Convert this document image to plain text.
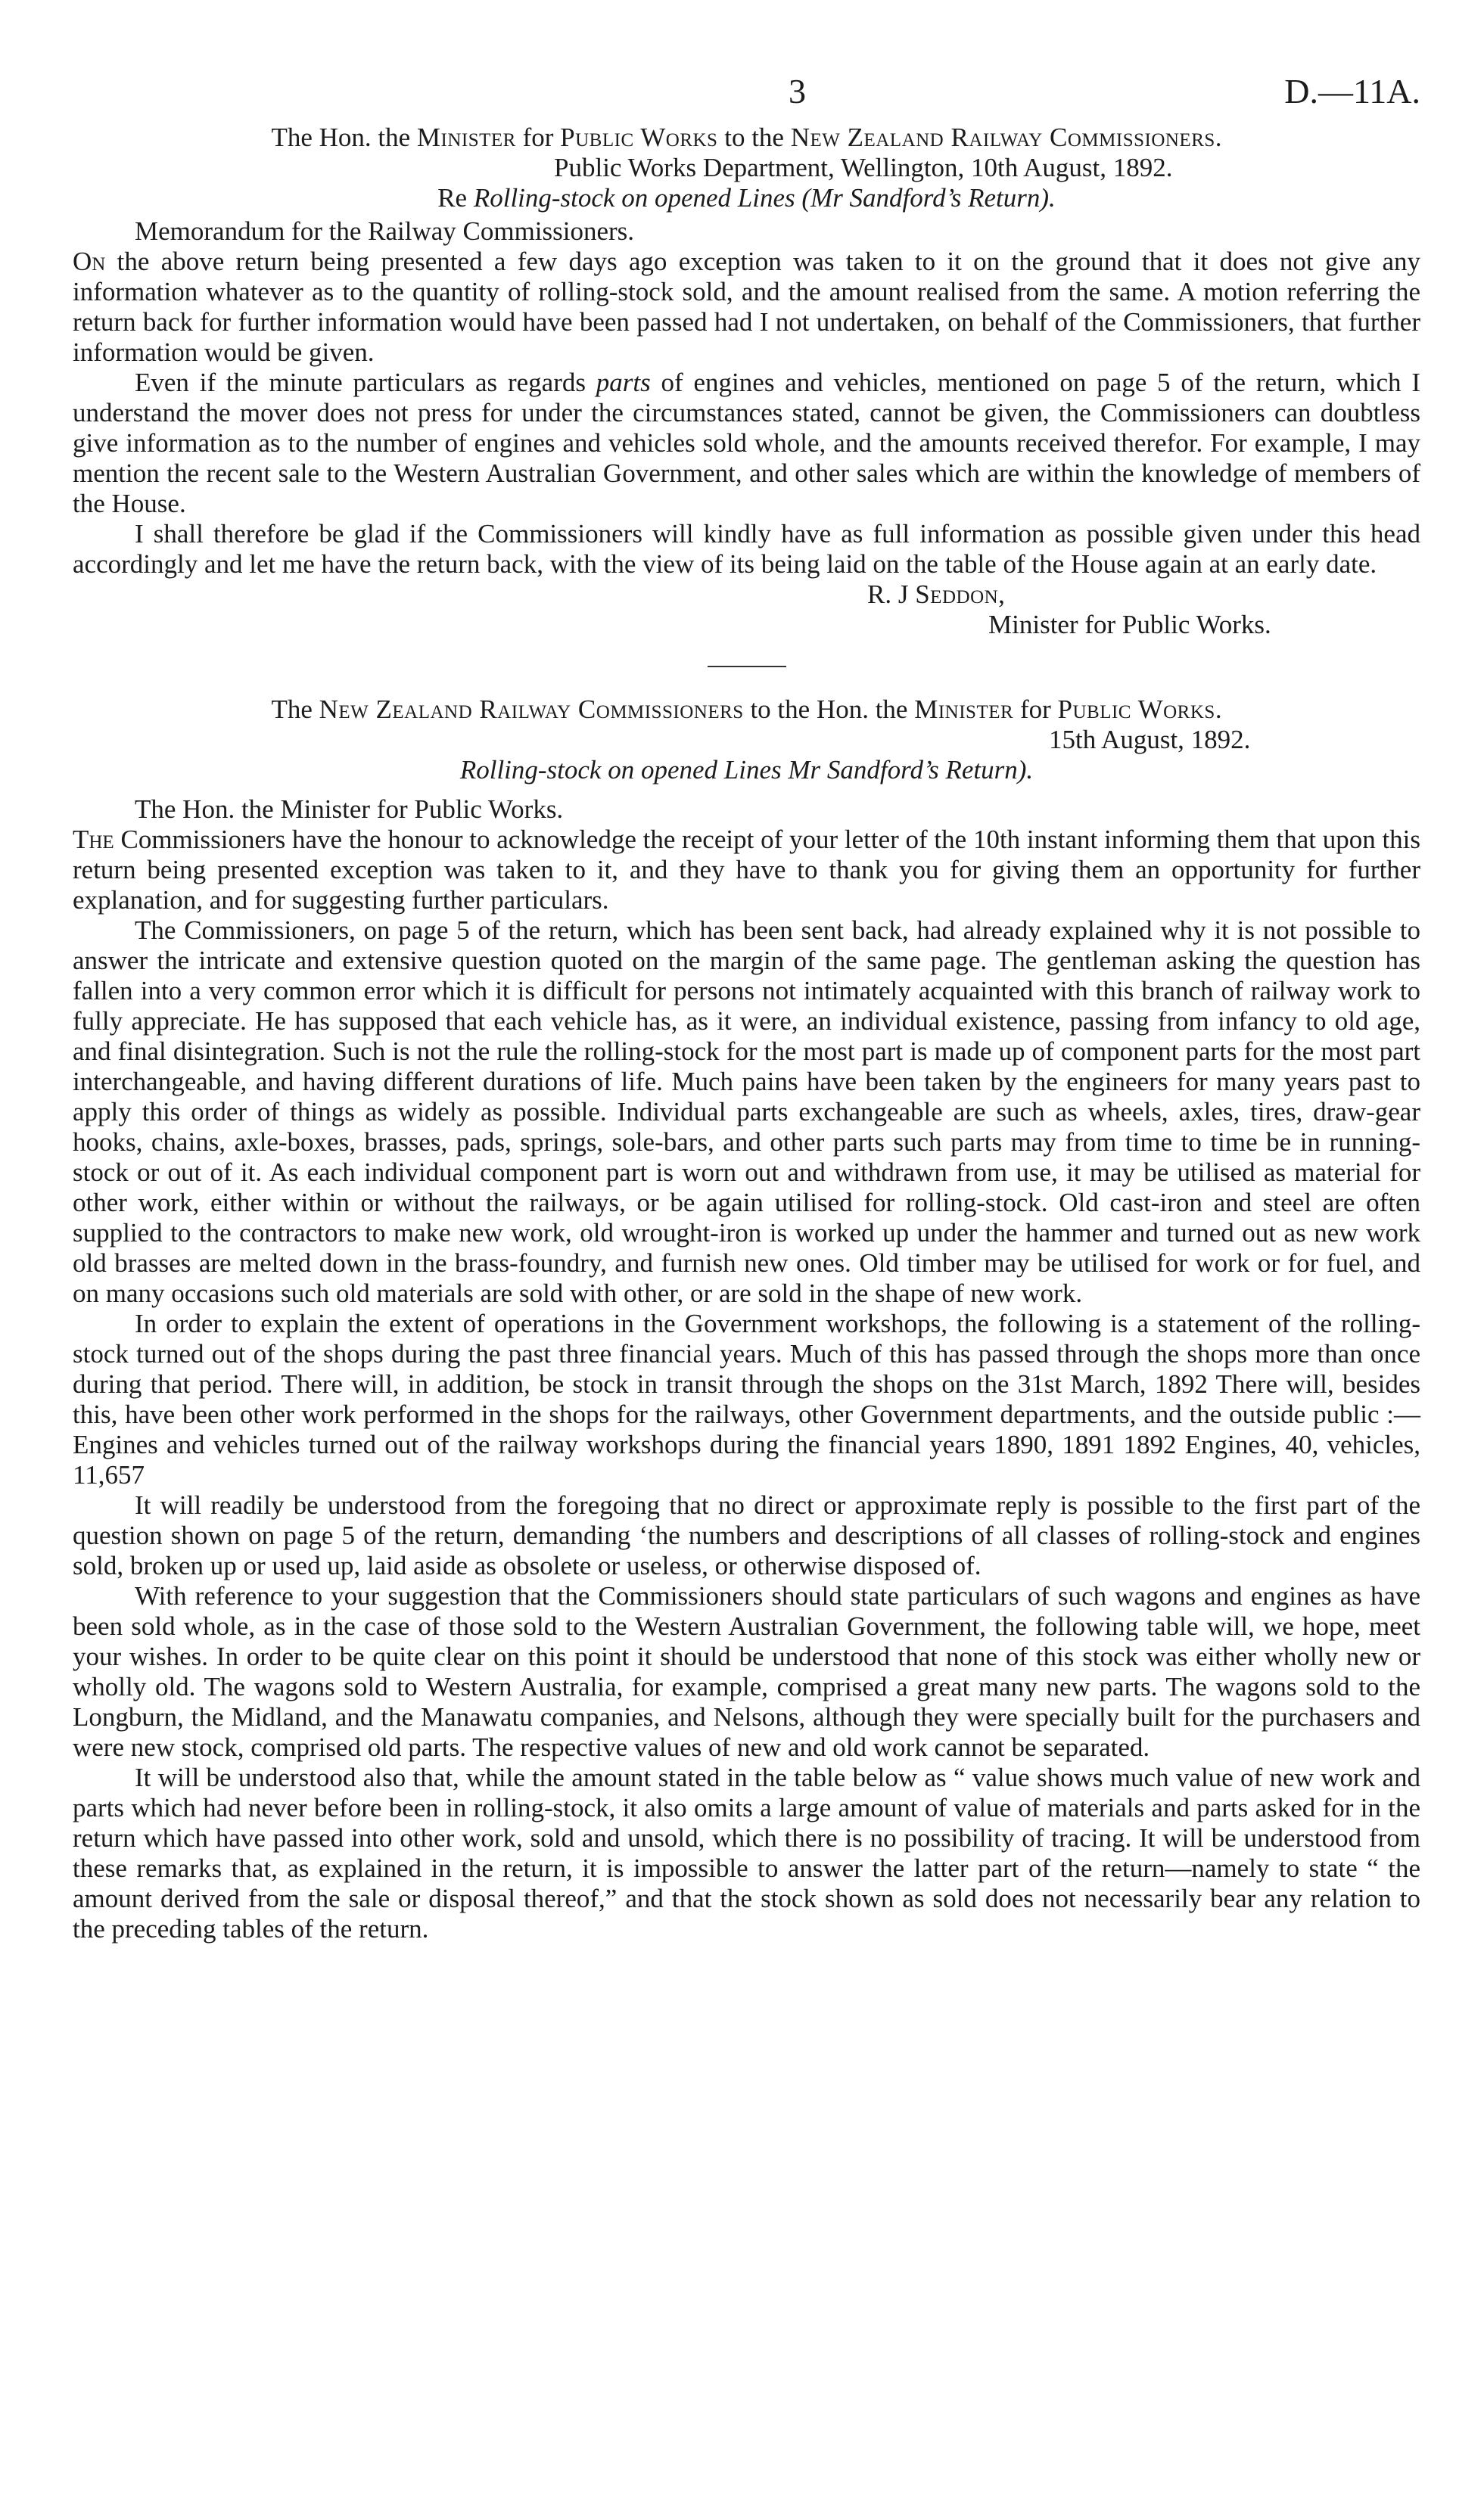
3	D.—11A.
The Hon. the Minister for Public Works to the New Zealand Railway Commissioners.
Public Works Department, Wellington, 10th August, 1892.
Re Rolling-stock on opened Lines (Mr Sandford’s Return).
Memorandum for the Railway Commissioners.

On the above return being presented a few days ago exception was taken to it on the ground that it does not give any information whatever as to the quantity of rolling-stock sold, and the amount realised from the same. A motion referring the return back for further information would have been passed had I not undertaken, on behalf of the Commissioners, that further information would be given.

Even if the minute particulars as regards parts of engines and vehicles, mentioned on page 5 of the return, which I understand the mover does not press for under the circumstances stated, cannot be given, the Commissioners can doubtless give information as to the number of engines and vehicles sold whole, and the amounts received therefor. For example, I may mention the recent sale to the Western Australian Government, and other sales which are within the knowledge of members of the House.

I shall therefore be glad if the Commissioners will kindly have as full information as possible given under this head accordingly and let me have the return back, with the view of its being laid on the table of the House again at an early date.

R. J Seddon,
Minister for Public Works.
The New Zealand Railway Commissioners to the Hon. the Minister for Public Works.
15th August, 1892.
Rolling-stock on opened Lines Mr Sandford’s Return).
The Hon. the Minister for Public Works.

The Commissioners have the honour to acknowledge the receipt of your letter of the 10th instant informing them that upon this return being presented exception was taken to it, and they have to thank you for giving them an opportunity for further explanation, and for suggesting further particulars.

The Commissioners, on page 5 of the return, which has been sent back, had already explained why it is not possible to answer the intricate and extensive question quoted on the margin of the same page. The gentleman asking the question has fallen into a very common error which it is difficult for persons not intimately acquainted with this branch of railway work to fully appreciate. He has supposed that each vehicle has, as it were, an individual existence, passing from infancy to old age, and final disintegration. Such is not the rule the rolling-stock for the most part is made up of component parts for the most part interchangeable, and having different durations of life. Much pains have been taken by the engineers for many years past to apply this order of things as widely as possible. Individual parts exchangeable are such as wheels, axles, tires, draw-gear hooks, chains, axle-boxes, brasses, pads, springs, sole-bars, and other parts such parts may from time to time be in running-stock or out of it. As each individual component part is worn out and withdrawn from use, it may be utilised as material for other work, either within or without the railways, or be again utilised for rolling-stock. Old cast-iron and steel are often supplied to the contractors to make new work, old wrought-iron is worked up under the hammer and turned out as new work old brasses are melted down in the brass-foundry, and furnish new ones. Old timber may be utilised for work or for fuel, and on many occasions such old materials are sold with other, or are sold in the shape of new work.

In order to explain the extent of operations in the Government workshops, the following is a statement of the rolling-stock turned out of the shops during the past three financial years. Much of this has passed through the shops more than once during that period. There will, in addition, be stock in transit through the shops on the 31st March, 1892 There will, besides this, have been other work performed in the shops for the railways, other Government departments, and the outside public :—Engines and vehicles turned out of the railway workshops during the financial years 1890, 1891 1892 Engines, 40, vehicles, 11,657

It will readily be understood from the foregoing that no direct or approximate reply is possible to the first part of the question shown on page 5 of the return, demanding ‘the numbers and descriptions of all classes of rolling-stock and engines sold, broken up or used up, laid aside as obsolete or useless, or otherwise disposed of.

With reference to your suggestion that the Commissioners should state particulars of such wagons and engines as have been sold whole, as in the case of those sold to the Western Australian Government, the following table will, we hope, meet your wishes. In order to be quite clear on this point it should be understood that none of this stock was either wholly new or wholly old. The wagons sold to Western Australia, for example, comprised a great many new parts. The wagons sold to the Longburn, the Midland, and the Manawatu companies, and Nelsons, although they were specially built for the purchasers and were new stock, comprised old parts. The respective values of new and old work cannot be separated.

It will be understood also that, while the amount stated in the table below as “ value shows much value of new work and parts which had never before been in rolling-stock, it also omits a large amount of value of materials and parts asked for in the return which have passed into other work, sold and unsold, which there is no possibility of tracing. It will be understood from these remarks that, as explained in the return, it is impossible to answer the latter part of the return—namely to state “ the amount derived from the sale or disposal thereof,” and that the stock shown as sold does not necessarily bear any relation to the preceding tables of the return.
